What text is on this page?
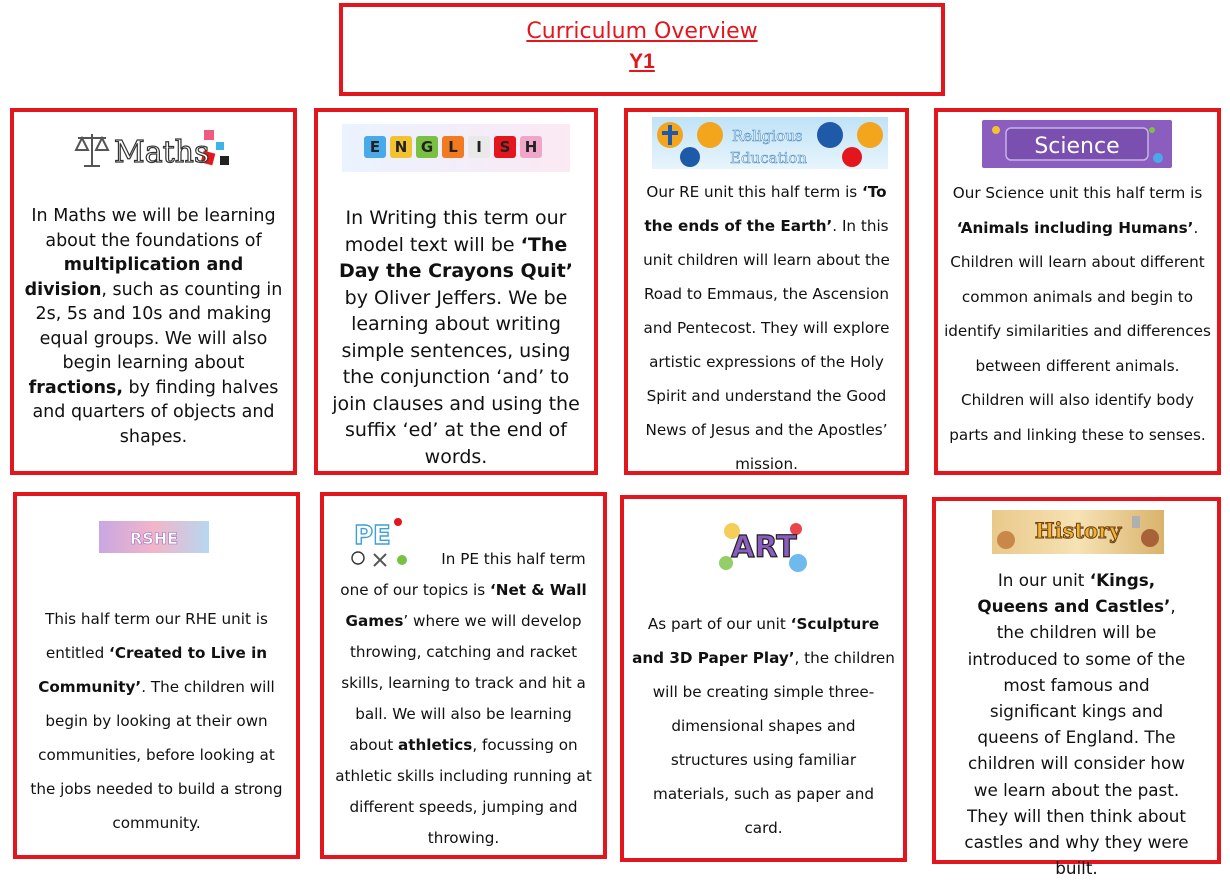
Curriculum Overview
Y1
Maths

In Maths we will be learning about the foundations of multiplication and division, such as counting in 2s, 5s and 10s and making equal groups. We will also begin learning about fractions, by finding halves and quarters of objects and shapes.

E N G L I S H

In Writing this term our model text will be ‘The Day the Crayons Quit’ by Oliver Jeffers. We be learning about writing simple sentences, using the conjunction ‘and’ to join clauses and using the suffix ‘ed’ at the end of words.

Religious
Education

Our RE unit this half term is ‘To the ends of the Earth’. In this unit children will learn about the Road to Emmaus, the Ascension and Pentecost. They will explore artistic expressions of the Holy Spirit and understand the Good News of Jesus and the Apostles’ mission.

Science

Our Science unit this half term is ‘Animals including Humans’. Children will learn about different common animals and begin to identify similarities and differences between different animals. Children will also identify body parts and linking these to senses.

RSHE

This half term our RHE unit is entitled ‘Created to Live in Community’. The children will begin by looking at their own communities, before looking at the jobs needed to build a strong community.

PE

In PE this half term one of our topics is ‘Net & Wall Games’ where we will develop throwing, catching and racket skills, learning to track and hit a ball. We will also be learning about athletics, focussing on athletic skills including running at different speeds, jumping and throwing.

ART

As part of our unit ‘Sculpture and 3D Paper Play’, the children will be creating simple three-dimensional shapes and structures using familiar materials, such as paper and card.

History

In our unit ‘Kings, Queens and Castles’, the children will be introduced to some of the most famous and significant kings and queens of England. The children will consider how we learn about the past. They will then think about castles and why they were built.
